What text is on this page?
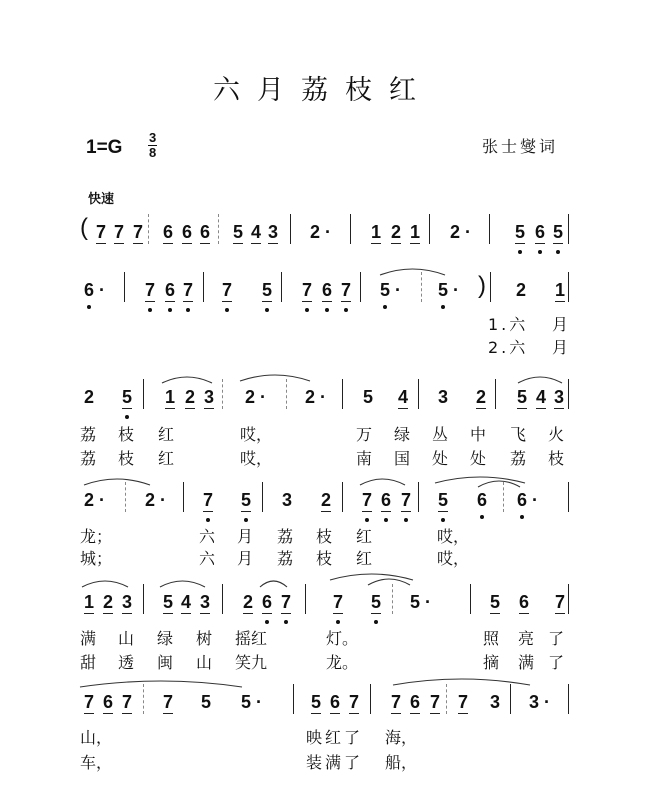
六月荔枝红
$1=G \frac{3}{8}$	张士燮词
快速
( 7 7 7 6 6 6 5 4 3 2 · 1 2 1 2 · 5 6 5
6 · 7 6 7 7 5 7 6 7 5 · 5 · ) 2 1
1.六 月
2.六 月
2 5 1 2 3 2 · 2 · 5 4 3 2 5 4 3
荔 枝 红	哎，	万 绿 丛 中 飞 火
荔 枝 红	哎，	南 国 处 处 荔 枝
2 · 2 · 7 5 3 2 7 6 7 5 6 6 ·
龙；	六 月 荔 枝 红	哎，
城；	六 月 荔 枝 红	哎，
1 2 3 5 4 3 2 6 7 7 5 5 ·	5 6 7
满 山 绿 树 摇红	灯。	照 亮 了
甜 透 闽 山 笑九	龙。	摘 满 了
7 6 7 7 5 5 ·	5 6 7 7 6 7 7 3 3 ·
山，	映红了 海，
车，	装满了 船，
